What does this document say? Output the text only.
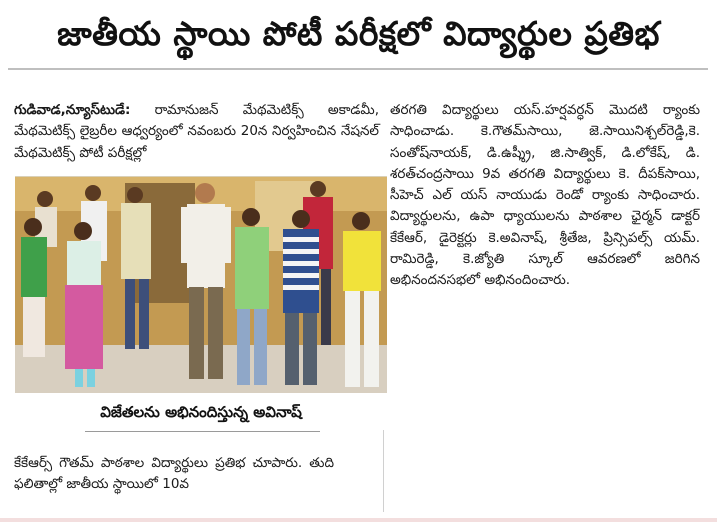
జాతీయ స్థాయి పోటీ పరీక్షలో విద్యార్థుల ప్రతిభ

గుడివాడ,న్యూస్‌టుడే: రామానుజన్ మేథమెటిక్స్ అకాడమీ, మేథమెటిక్స్ లైబ్రరీల ఆధ్వర్యంలో నవంబరు 20న నిర్వహించిన నేషనల్ మేథమెటిక్స్ పోటీ పరీక్షల్లో

విజేతలను అభినందిస్తున్న అవినాష్

కేకేఆర్స్ గౌతమ్ పాఠశాల విద్యార్థులు ప్రతిభ చూపారు. తుది ఫలితాల్లో జాతీయ స్థాయిలో 10వ

తరగతి విద్యార్థులు యస్.హర్షవర్ధన్ మొదటి ర్యాంకు సాధించాడు. కె.గౌతమ్‌సాయి, జె.సాయినిశ్చల్‌రెడ్డి,కె. సంతోష్‌నాయక్, డి.ఉష్శ్రీ, జి.సాత్విక్, డి.లోకేష్, డి. శరత్‌చంద్రసాయి 9వ తరగతి విద్యార్థులు కె. దీపక్‌సాయి, సీహెచ్ ఎల్ యస్ నాయుడు రెండో ర్యాంకు సాధించారు. విద్యార్థులను, ఉపా ధ్యాయులను పాఠశాల ఛైర్మన్ డాక్టర్ కేకేఆర్, డైరెక్టర్లు కె.అవినాష్, శ్రీతేజ, ప్రిన్సిపల్స్ యమ్. రామిరెడ్డి, కె.జ్యోతి స్కూల్ ఆవరణలో జరిగిన అభినందనసభలో అభినందించారు.
